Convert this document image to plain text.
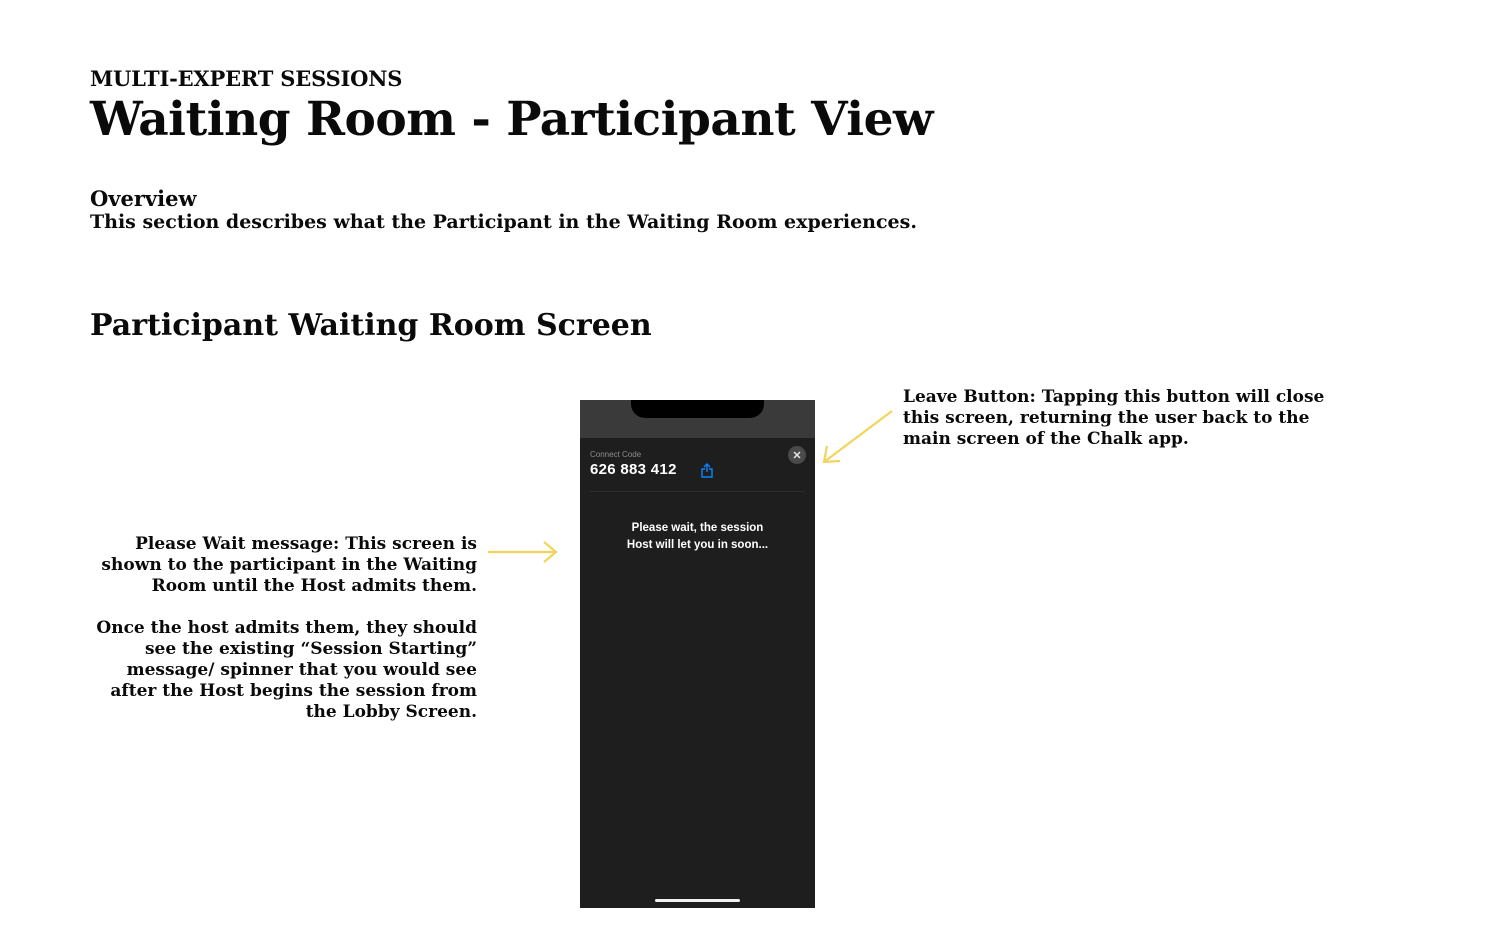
MULTI-EXPERT SESSIONS
Waiting Room - Participant View
Overview
This section describes what the Participant in the Waiting Room experiences.
Participant Waiting Room Screen

Please Wait message: This screen is shown to the participant in the Waiting Room until the Host admits them.

Once the host admits them, they should see the existing “Session Starting” message/ spinner that you would see after the Host begins the session from the Lobby Screen.

Leave Button: Tapping this button will close this screen, returning the user back to the main screen of the Chalk app.
Connect Code
626 883 412
Please wait, the session
Host will let you in soon...
